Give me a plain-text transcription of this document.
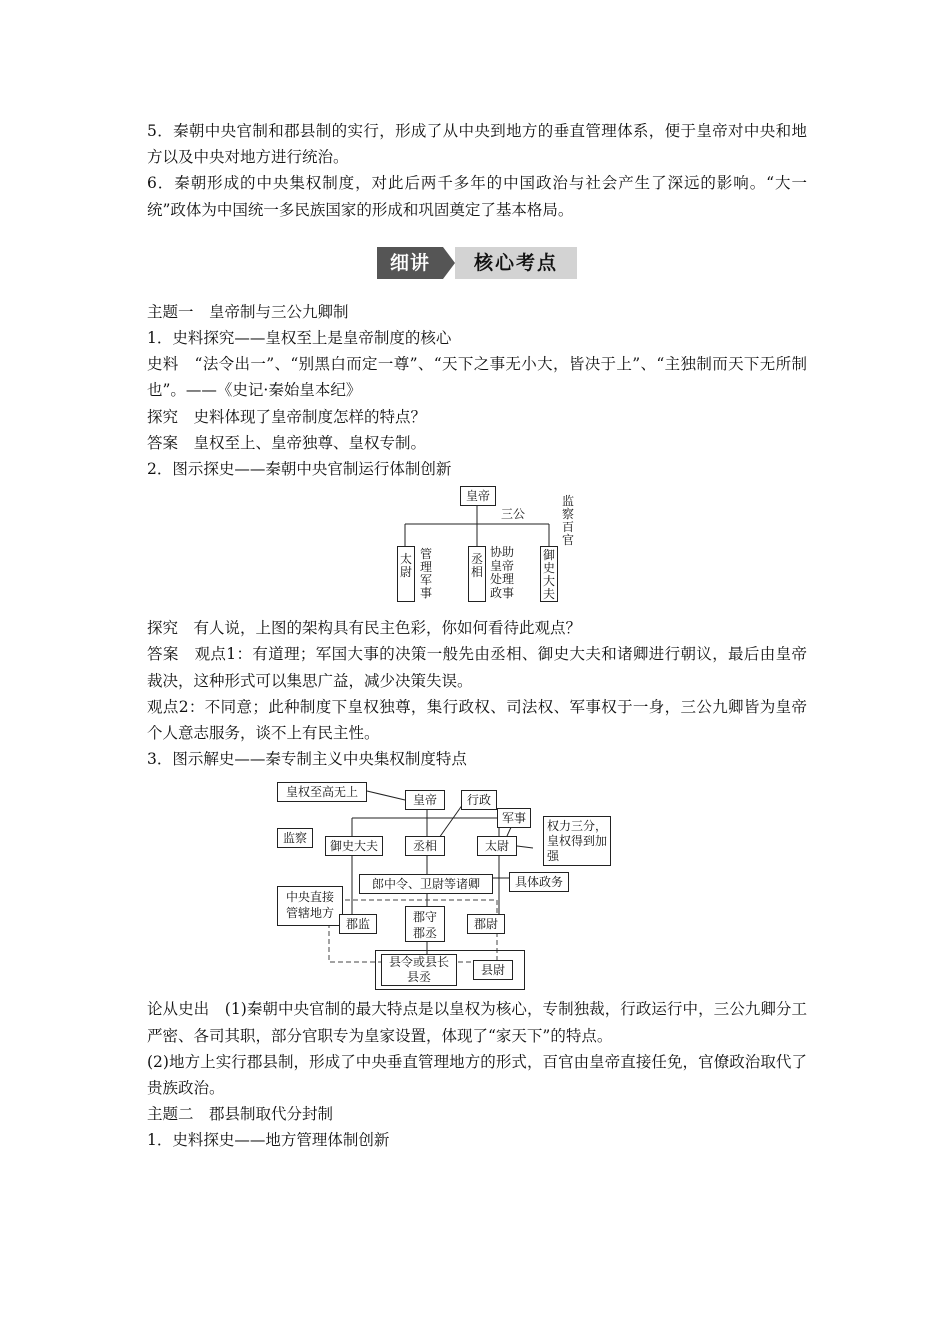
5．秦朝中央官制和郡县制的实行，形成了从中央到地方的垂直管理体系，便于皇帝对中央和地方以及中央对地方进行统治。

6．秦朝形成的中央集权制度，对此后两千多年的中国政治与社会产生了深远的影响。“大一统”政体为中国统一多民族国家的形成和巩固奠定了基本格局。

细讲	核心考点

主题一　皇帝制与三公九卿制

1．史料探究——皇权至上是皇帝制度的核心

史料　“法令出一”、“别黑白而定一尊”、“天下之事无小大，皆决于上”、“主独制而天下无所制也”。——《史记·秦始皇本纪》

探究　史料体现了皇帝制度怎样的特点？

答案　皇权至上、皇帝独尊、皇权专制。

2．图示探史——秦朝中央官制运行体制创新

皇帝
三公
太尉
管理军事
丞相
协助皇帝处理政事
御史大夫
监察百官

探究　有人说，上图的架构具有民主色彩，你如何看待此观点？

答案　观点1：有道理；军国大事的决策一般先由丞相、御史大夫和诸卿进行朝议，最后由皇帝裁决，这种形式可以集思广益，减少决策失误。

观点2：不同意；此种制度下皇权独尊，集行政权、司法权、军事权于一身，三公九卿皆为皇帝个人意志服务，谈不上有民主性。

3．图示解史——秦专制主义中央集权制度特点

皇权至高无上
皇帝	行政
军事
监察
御史大夫	丞相	太尉
权力三分，皇权得到加强
郎中令、卫尉等诸卿	具体政务
中央直接管辖地方
郡监	郡守郡丞
郡尉
县令或县长县丞	县尉

论从史出　(1)秦朝中央官制的最大特点是以皇权为核心，专制独裁，行政运行中，三公九卿分工严密、各司其职，部分官职专为皇家设置，体现了“家天下”的特点。

(2)地方上实行郡县制，形成了中央垂直管理地方的形式，百官由皇帝直接任免，官僚政治取代了贵族政治。

主题二　郡县制取代分封制

1．史料探史——地方管理体制创新
